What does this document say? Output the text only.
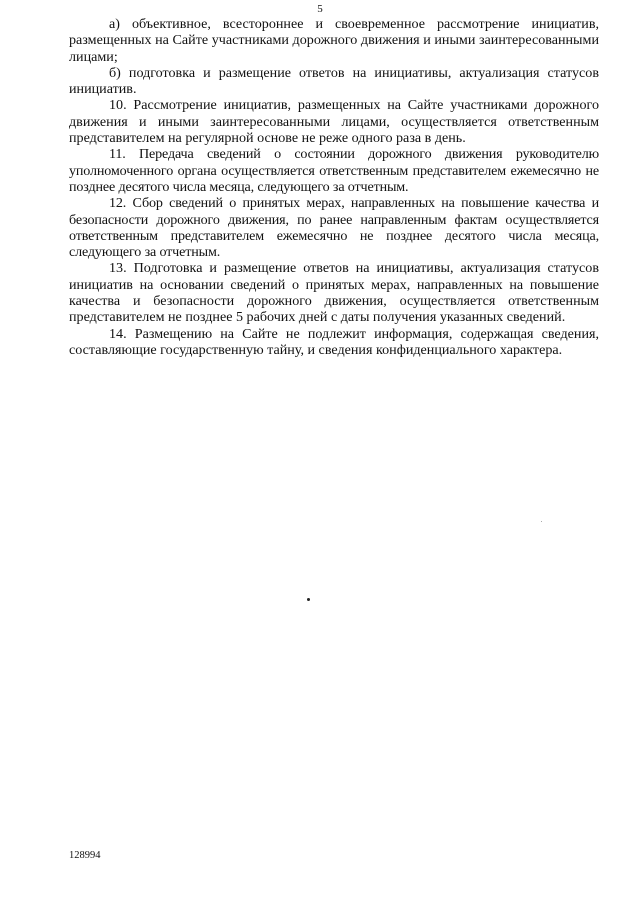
5

а) объективное, всестороннее и своевременное рассмотрение инициатив, размещенных на Сайте участниками дорожного движения и иными заинтересованными лицами;

б) подготовка и размещение ответов на инициативы, актуализация статусов инициатив.

10. Рассмотрение инициатив, размещенных на Сайте участниками дорожного движения и иными заинтересованными лицами, осуществляется ответственным представителем на регулярной основе не реже одного раза в день.

11. Передача сведений о состоянии дорожного движения руководителю уполномоченного органа осуществляется ответственным представителем ежемесячно не позднее десятого числа месяца, следующего за отчетным.

12. Сбор сведений о принятых мерах, направленных на повышение качества и безопасности дорожного движения, по ранее направленным фактам осуществляется ответственным представителем ежемесячно не позднее десятого числа месяца, следующего за отчетным.

13. Подготовка и размещение ответов на инициативы, актуализация статусов инициатив на основании сведений о принятых мерах, направленных на повышение качества и безопасности дорожного движения, осуществляется ответственным представителем не позднее 5 рабочих дней с даты получения указанных сведений.

14. Размещению на Сайте не подлежит информация, содержащая сведения, составляющие государственную тайну, и сведения конфиденциального характера.

128994
